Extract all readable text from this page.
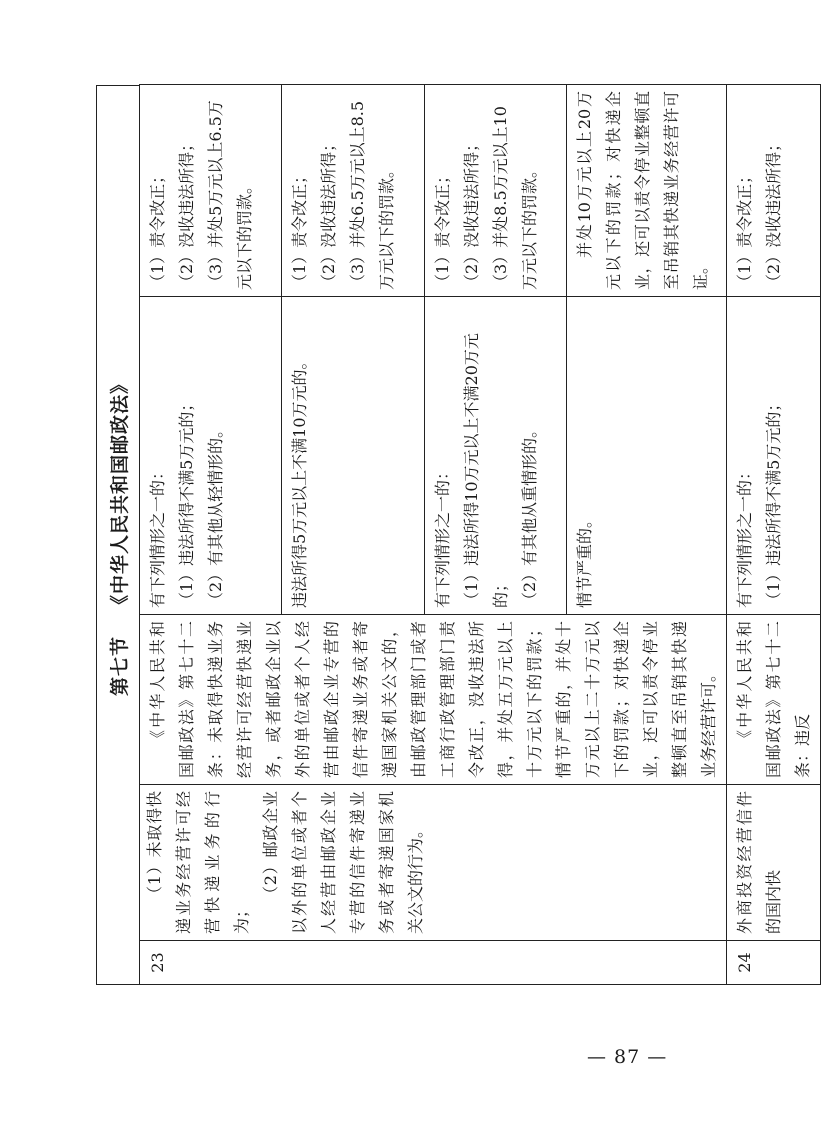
第七节
《中华人民共和国邮政法》
23	（1）未取得快递业务经营许可经营快递业务的行为；
（2）邮政企业以外的单位或者个人经营由邮政企业专营的信件寄递业务或者寄递国家机关公文的行为。	《中华人民共和国邮政法》第七十二条：未取得快递业务经营许可经营快递业务，或者邮政企业以外的单位或者个人经营由邮政企业专营的信件寄递业务或者寄递国家机关公文的，由邮政管理部门或者工商行政管理部门责令改正，没收违法所得，并处五万元以上十万元以下的罚款；情节严重的，并处十万元以上二十万元以下的罚款；对快递企业，还可以责令停业整顿直至吊销其快递业务经营许可。	有下列情形之一的： （1）违法所得不满5万元的； （2）有其他从轻情形的。	（1）责令改正； （2）没收违法所得； （3）并处5万元以上6.5万元以下的罚款。

			违法所得5万元以上不满10万元的。	（1）责令改正； （2）没收违法所得； （3）并处6.5万元以上8.5万元以下的罚款。

			有下列情形之一的： （1）违法所得10万元以上不满20万元的； （2）有其他从重情形的。	（1）责令改正； （2）没收违法所得； （3）并处8.5万元以上10万元以下的罚款。

			情节严重的。	并处10万元以上20万元以下的罚款；对快递企业，还可以责令停业整顿直至吊销其快递业务经营许可证。

24	外商投资经营信件的国内快	《中华人民共和国邮政法》第七十二条：违反	有下列情形之一的： （1）违法所得不满5万元的；	（1）责令改正； （2）没收违法所得；
— 87 —
